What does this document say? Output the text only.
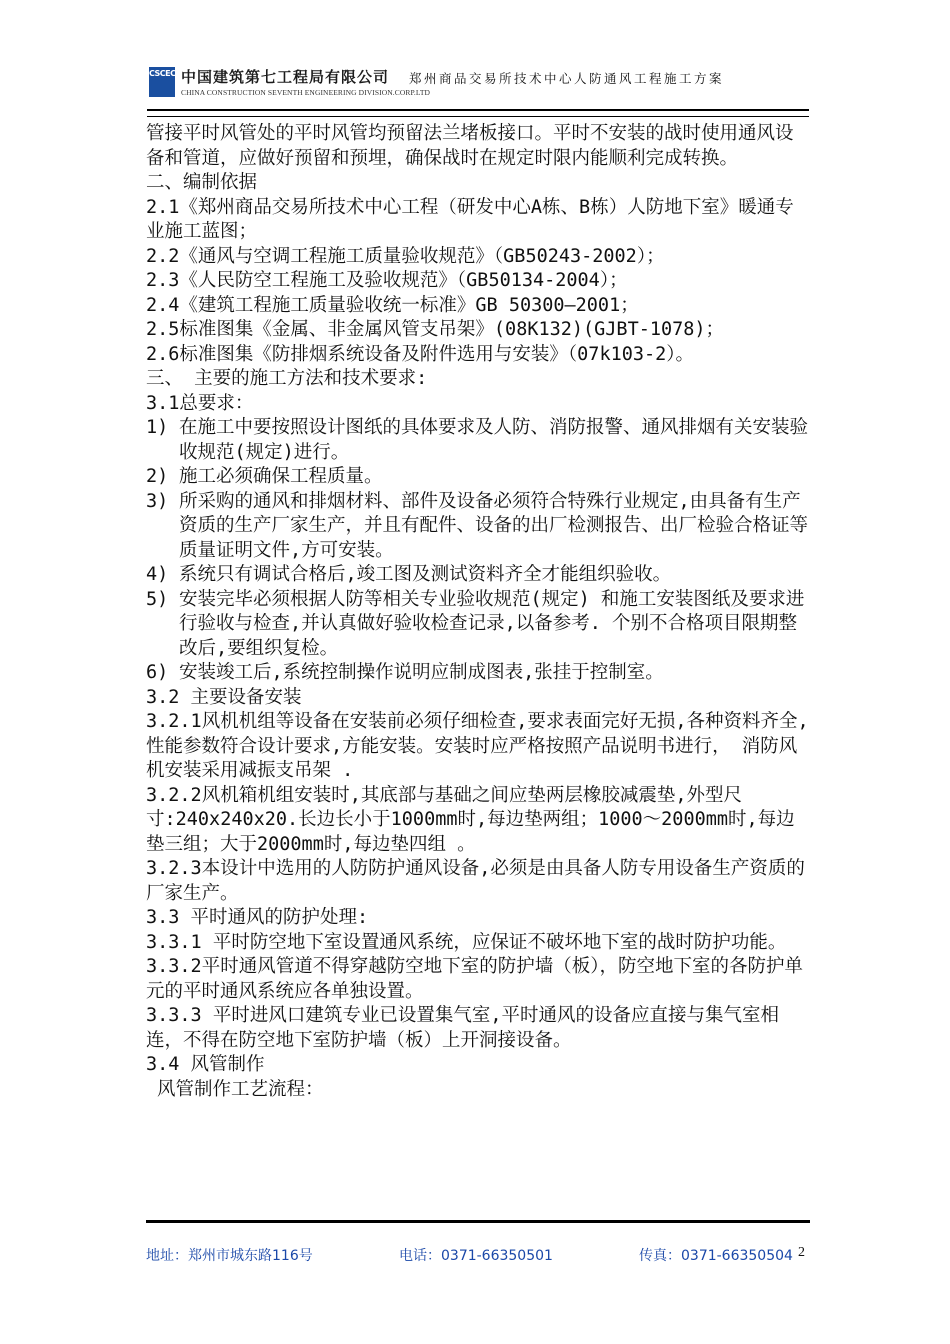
CSCEC 中国建筑第七工程局有限公司
CHINA CONSTRUCTION SEVENTH ENGINEERING DIVISION.CORP.LTD
郑州商品交易所技术中心人防通风工程施工方案

管接平时风管处的平时风管均预留法兰堵板接口。平时不安装的战时使用通风设备和管道，应做好预留和预埋，确保战时在规定时限内能顺利完成转换。

二、编制依据

2.1《郑州商品交易所技术中心工程（研发中心A栋、B栋）人防地下室》暖通专业施工蓝图；

2.2《通风与空调工程施工质量验收规范》（GB50243-2002）；

2.3《人民防空工程施工及验收规范》（GB50134-2004）；

2.4《建筑工程施工质量验收统一标准》GB 50300—2001；

2.5标准图集《金属、非金属风管支吊架》(08K132)(GJBT-1078)；

2.6标准图集《防排烟系统设备及附件选用与安装》（07k103-2）。

三、 主要的施工方法和技术要求:

3.1总要求：

1) 在施工中要按照设计图纸的具体要求及人防、消防报警、通风排烟有关安装验收规范(规定)进行。

2) 施工必须确保工程质量。

3) 所采购的通风和排烟材料、部件及设备必须符合特殊行业规定,由具备有生产资质的生产厂家生产，并且有配件、设备的出厂检测报告、出厂检验合格证等质量证明文件,方可安装。

4) 系统只有调试合格后,竣工图及测试资料齐全才能组织验收。

5) 安装完毕必须根据人防等相关专业验收规范(规定) 和施工安装图纸及要求进行验收与检查,并认真做好验收检查记录,以备参考. 个别不合格项目限期整改后,要组织复检。

6) 安装竣工后,系统控制操作说明应制成图表,张挂于控制室。

3.2 主要设备安装

3.2.1风机机组等设备在安装前必须仔细检查,要求表面完好无损,各种资料齐全,性能参数符合设计要求,方能安装。安装时应严格按照产品说明书进行， 消防风机安装采用减振支吊架 .

3.2.2风机箱机组安装时,其底部与基础之间应垫两层橡胶减震垫,外型尺寸:240x240x20.长边长小于1000mm时,每边垫两组；1000～2000mm时,每边垫三组；大于2000mm时,每边垫四组 。

3.2.3本设计中选用的人防防护通风设备,必须是由具备人防专用设备生产资质的厂家生产。

3.3 平时通风的防护处理:

3.3.1 平时防空地下室设置通风系统，应保证不破坏地下室的战时防护功能。

3.3.2平时通风管道不得穿越防空地下室的防护墙（板），防空地下室的各防护单元的平时通风系统应各单独设置。

3.3.3 平时进风口建筑专业已设置集气室,平时通风的设备应直接与集气室相连，不得在防空地下室防护墙（板）上开洞接设备。

3.4 风管制作

风管制作工艺流程：

地址：郑州市城东路116号	电话：0371-66350501	传真：0371-66350504 2
